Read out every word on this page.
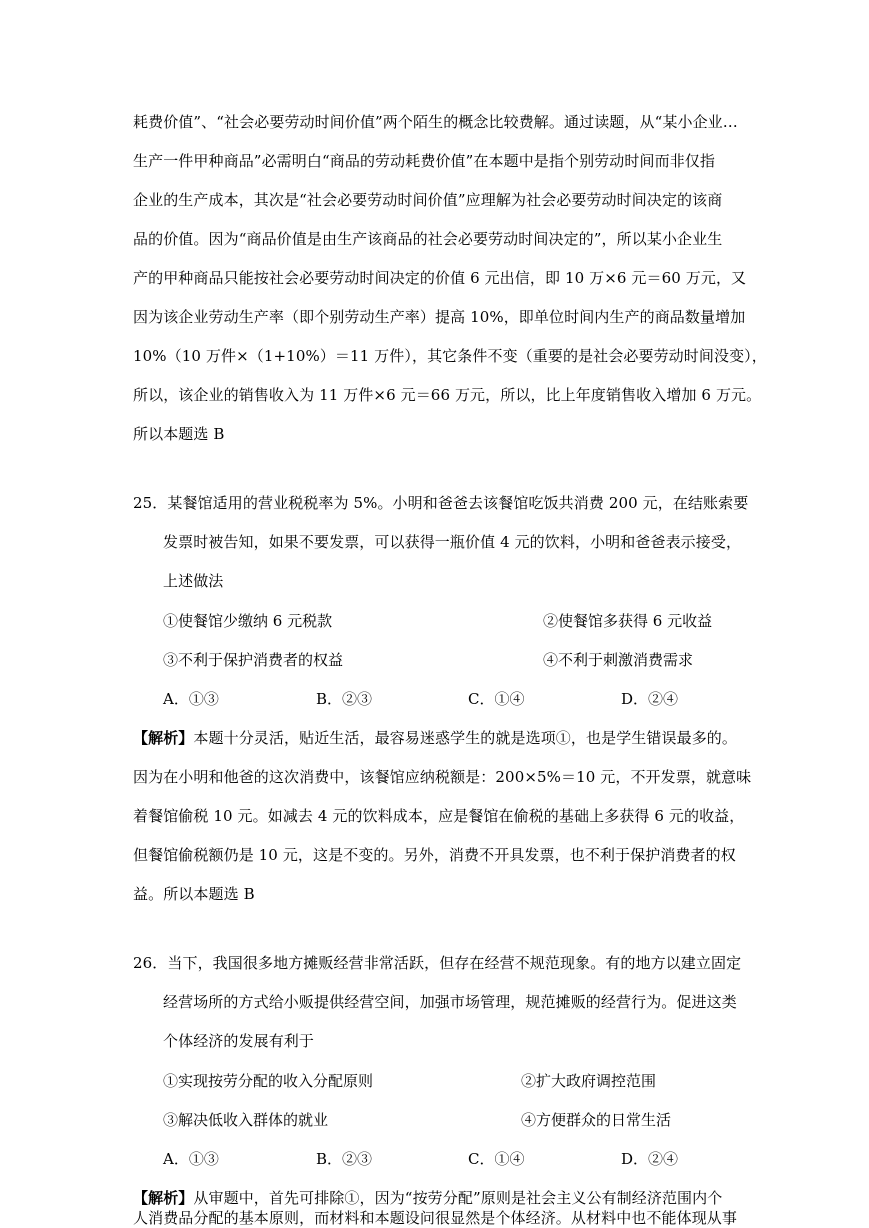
耗费价值”、“社会必要劳动时间价值”两个陌生的概念比较费解。通过读题，从“某小企业…
生产一件甲种商品”必需明白“商品的劳动耗费价值”在本题中是指个别劳动时间而非仅指
企业的生产成本，其次是“社会必要劳动时间价值”应理解为社会必要劳动时间决定的该商
品的价值。因为“商品价值是由生产该商品的社会必要劳动时间决定的”，所以某小企业生
产的甲种商品只能按社会必要劳动时间决定的价值 6 元出信，即 10 万×6 元＝60 万元，又
因为该企业劳动生产率（即个别劳动生产率）提高 10%，即单位时间内生产的商品数量增加
10%（10 万件×（1+10%）＝11 万件），其它条件不变（重要的是社会必要劳动时间没变），
所以，该企业的销售收入为 11 万件×6 元＝66 万元，所以，比上年度销售收入增加 6 万元。
所以本题选 B
25．某餐馆适用的营业税税率为 5%。小明和爸爸去该餐馆吃饭共消费 200 元，在结账索要
发票时被告知，如果不要发票，可以获得一瓶价值 4 元的饮料，小明和爸爸表示接受，
上述做法
①使餐馆少缴纳 6 元税款	②使餐馆多获得 6 元收益
③不利于保护消费者的权益	④不利于刺激消费需求
A．①③	B．②③	C．①④	D．②④
【解析】本题十分灵活，贴近生活，最容易迷惑学生的就是选项①，也是学生错误最多的。
因为在小明和他爸的这次消费中，该餐馆应纳税额是：200×5%＝10 元，不开发票，就意味
着餐馆偷税 10 元。如减去 4 元的饮料成本，应是餐馆在偷税的基础上多获得 6 元的收益，
但餐馆偷税额仍是 10 元，这是不变的。另外，消费不开具发票，也不利于保护消费者的权
益。所以本题选 B
26．当下，我国很多地方摊贩经营非常活跃，但存在经营不规范现象。有的地方以建立固定
经营场所的方式给小贩提供经营空间，加强市场管理，规范摊贩的经营行为。促进这类
个体经济的发展有利于
①实现按劳分配的收入分配原则	②扩大政府调控范围
③解决低收入群体的就业	④方便群众的日常生活
A．①③	B．②③	C．①④	D．②④
【解析】从审题中，首先可排除①，因为“按劳分配”原则是社会主义公有制经济范围内个
人消费品分配的基本原则，而材料和本题设问很显然是个体经济。从材料中也不能体现从事
